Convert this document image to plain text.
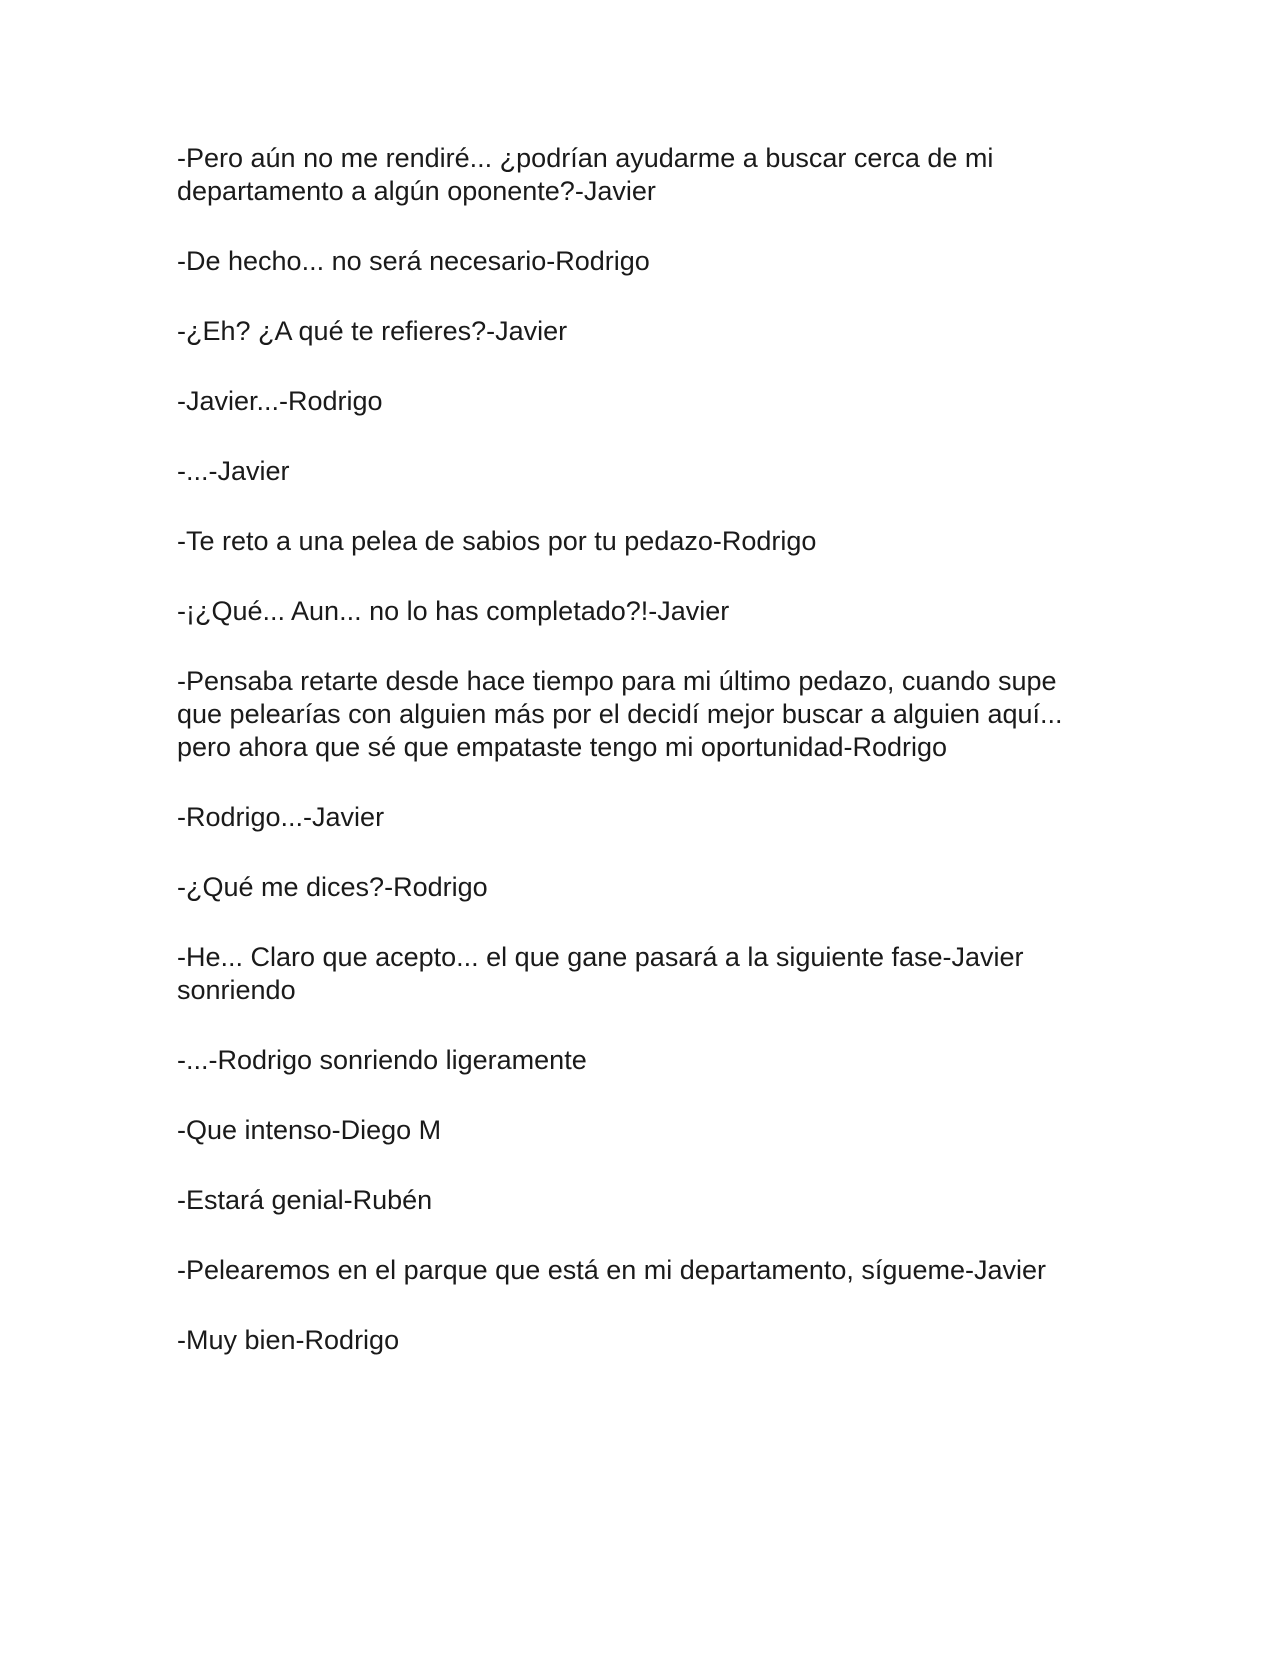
-Pero aún no me rendiré... ¿podrían ayudarme a buscar cerca de mi departamento a algún oponente?-Javier

-De hecho... no será necesario-Rodrigo

-¿Eh? ¿A qué te refieres?-Javier

-Javier...-Rodrigo

-...-Javier

-Te reto a una pelea de sabios por tu pedazo-Rodrigo

-¡¿Qué... Aun... no lo has completado?!-Javier

-Pensaba retarte desde hace tiempo para mi último pedazo, cuando supe que pelearías con alguien más por el decidí mejor buscar a alguien aquí... pero ahora que sé que empataste tengo mi oportunidad-Rodrigo

-Rodrigo...-Javier

-¿Qué me dices?-Rodrigo

-He... Claro que acepto... el que gane pasará a la siguiente fase-Javier sonriendo

-...-Rodrigo sonriendo ligeramente

-Que intenso-Diego M

-Estará genial-Rubén

-Pelearemos en el parque que está en mi departamento, sígueme-Javier

-Muy bien-Rodrigo
